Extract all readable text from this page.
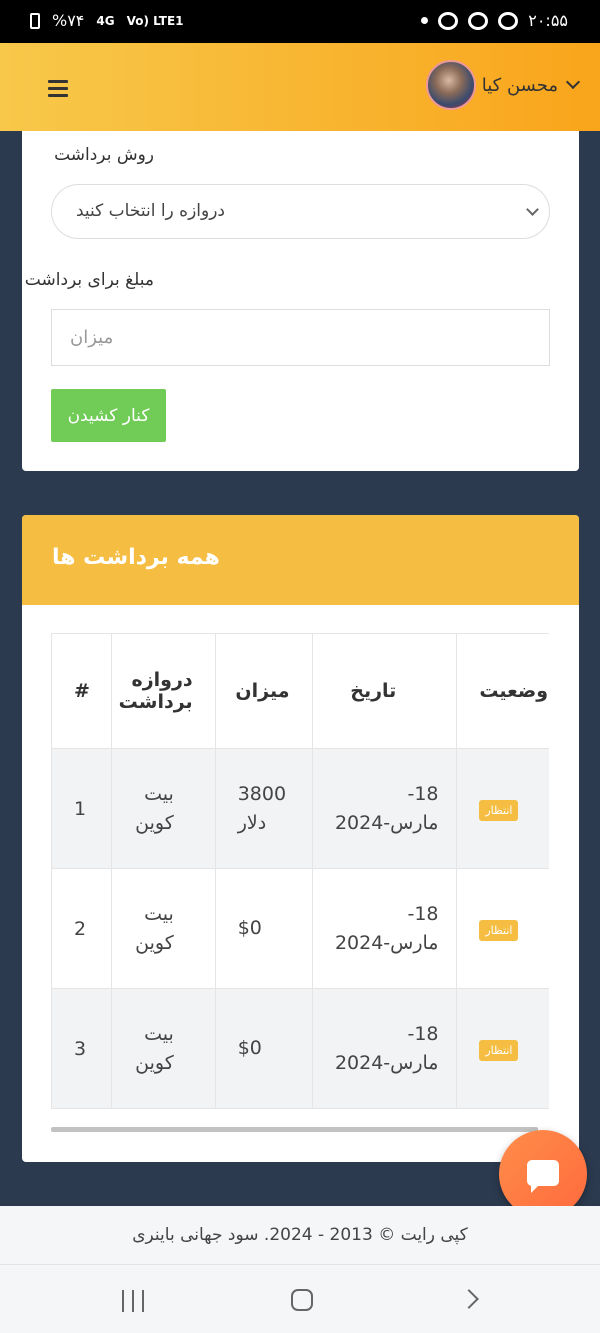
%۷۴ 4G Vo) LTE1	۲۰:۵۵
محسن کیا
روش برداشت
دروازه را انتخاب کنید
مبلغ برای برداشت
میزان
کنار کشیدن
همه برداشت ها
#	دروازه برداشت	میزان	تاریخ	وضعیت
1	بیت کوین	3800 دلار	18-مارس-2024	انتظار
2	بیت کوین	$0	18-مارس-2024	انتظار
3	بیت کوین	$0	18-مارس-2024	انتظار
کپی رایت © 2013 - 2024. سود جهانی باینری
